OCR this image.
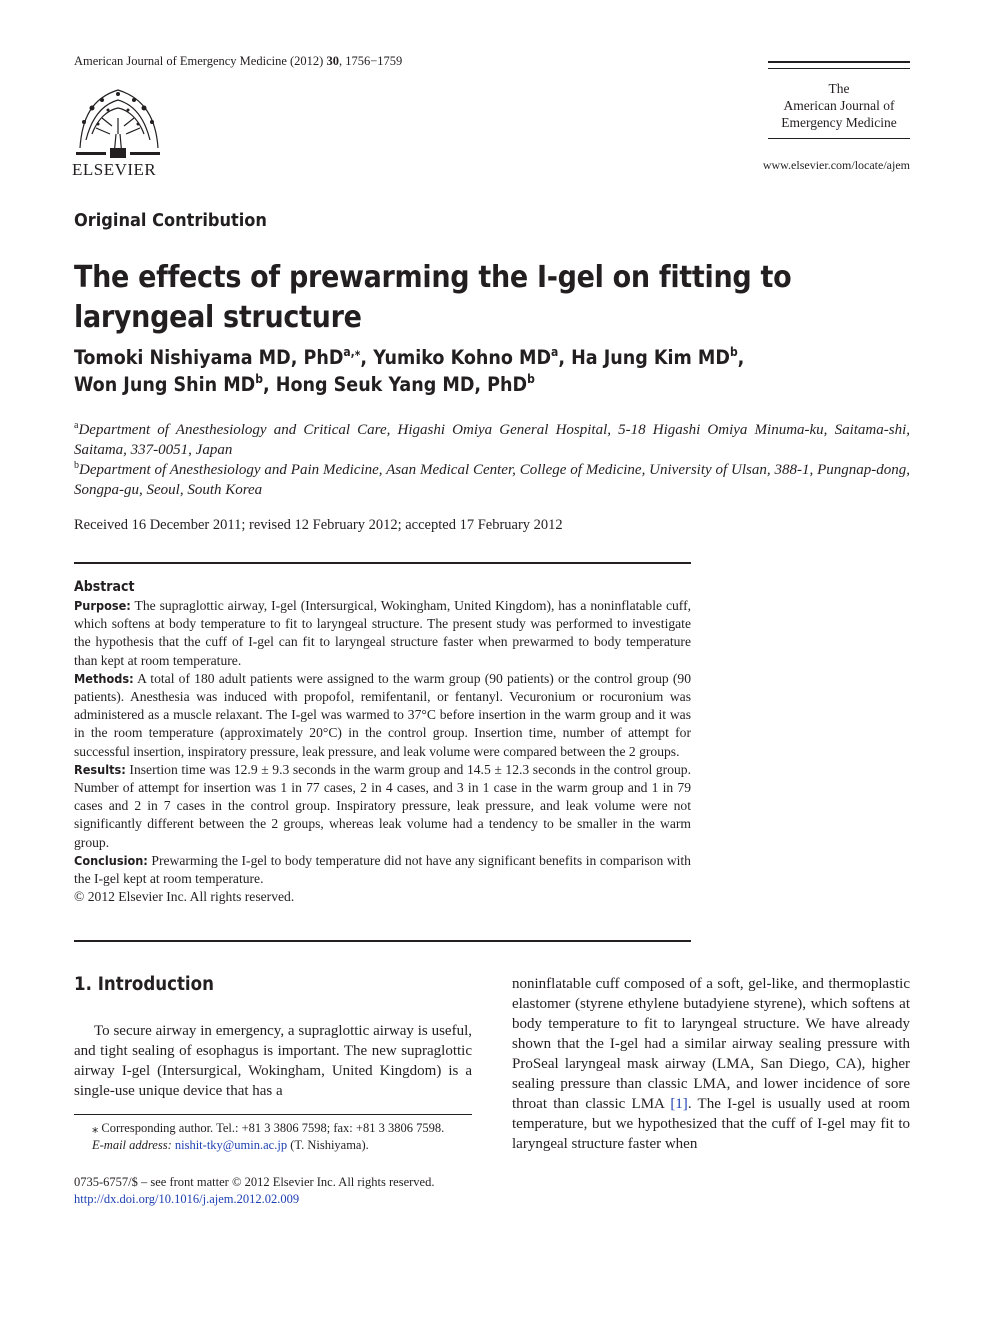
American Journal of Emergency Medicine (2012) 30, 1756−1759
ELSEVIER
The
American Journal of
Emergency Medicine
www.elsevier.com/locate/ajem
Original Contribution
The effects of prewarming the I-gel on fitting to
laryngeal structure
Tomoki Nishiyama MD, PhD$^{a,⁎}$, Yumiko Kohno $MD^a$, Ha Jung Kim $MD^b$,
Won Jung Shin $MD^b$, Hong Seuk Yang MD, PhD$^b$
$^a$Department of Anesthesiology and Critical Care, Higashi Omiya General Hospital, 5-18 Higashi Omiya Minuma-ku, Saitama-shi, Saitama, 337-0051, Japan
$^b$Department of Anesthesiology and Pain Medicine, Asan Medical Center, College of Medicine, University of Ulsan, 388-1, Pungnap-dong, Songpa-gu, Seoul, South Korea
Received 16 December 2011; revised 12 February 2012; accepted 17 February 2012
Abstract

Purpose: The supraglottic airway, I-gel (Intersurgical, Wokingham, United Kingdom), has a noninflatable cuff, which softens at body temperature to fit to laryngeal structure. The present study was performed to investigate the hypothesis that the cuff of I-gel can fit to laryngeal structure faster when prewarmed to body temperature than kept at room temperature.

Methods: A total of 180 adult patients were assigned to the warm group (90 patients) or the control group (90 patients). Anesthesia was induced with propofol, remifentanil, or fentanyl. Vecuronium or rocuronium was administered as a muscle relaxant. The I-gel was warmed to 37°C before insertion in the warm group and it was in the room temperature (approximately 20°C) in the control group. Insertion time, number of attempt for successful insertion, inspiratory pressure, leak pressure, and leak volume were compared between the 2 groups.

Results: Insertion time was 12.9 ± 9.3 seconds in the warm group and 14.5 ± 12.3 seconds in the control group. Number of attempt for insertion was 1 in 77 cases, 2 in 4 cases, and 3 in 1 case in the warm group and 1 in 79 cases and 2 in 7 cases in the control group. Inspiratory pressure, leak pressure, and leak volume were not significantly different between the 2 groups, whereas leak volume had a tendency to be smaller in the warm group.

Conclusion: Prewarming the I-gel to body temperature did not have any significant benefits in comparison with the I-gel kept at room temperature.

© 2012 Elsevier Inc. All rights reserved.

1. Introduction

To secure airway in emergency, a supraglottic airway is useful, and tight sealing of esophagus is important. The new supraglottic airway I-gel (Intersurgical, Wokingham, United Kingdom) is a single-use unique device that has a

noninflatable cuff composed of a soft, gel-like, and thermoplastic elastomer (styrene ethylene butadyiene styrene), which softens at body temperature to fit to laryngeal structure. We have already shown that the I-gel had a similar airway sealing pressure with ProSeal laryngeal mask airway (LMA, San Diego, CA), higher sealing pressure than classic LMA, and lower incidence of sore throat than classic LMA [1]. The I-gel is usually used at room temperature, but we hypothesized that the cuff of I-gel may fit to laryngeal structure faster when

⁎ Corresponding author. Tel.: +81 3 3806 7598; fax: +81 3 3806 7598.
E-mail address: nishit-tky@umin.ac.jp (T. Nishiyama).
0735-6757/$ – see front matter © 2012 Elsevier Inc. All rights reserved.
http://dx.doi.org/10.1016/j.ajem.2012.02.009
